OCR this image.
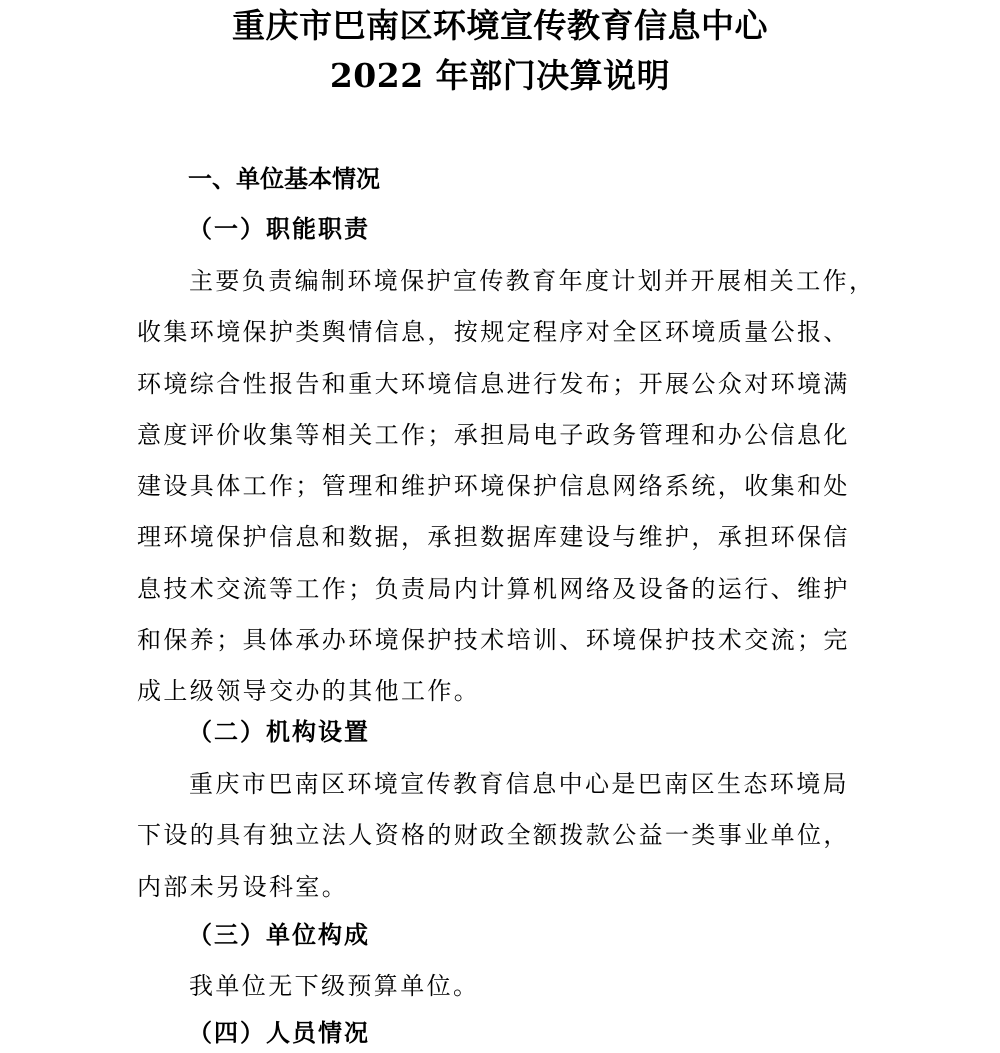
重庆市巴南区环境宣传教育信息中心
2022 年部门决算说明
一、单位基本情况
（一）职能职责
主要负责编制环境保护宣传教育年度计划并开展相关工作，
收集环境保护类舆情信息，按规定程序对全区环境质量公报、
环境综合性报告和重大环境信息进行发布；开展公众对环境满
意度评价收集等相关工作；承担局电子政务管理和办公信息化
建设具体工作；管理和维护环境保护信息网络系统，收集和处
理环境保护信息和数据，承担数据库建设与维护，承担环保信
息技术交流等工作；负责局内计算机网络及设备的运行、维护
和保养；具体承办环境保护技术培训、环境保护技术交流；完
成上级领导交办的其他工作。
（二）机构设置
重庆市巴南区环境宣传教育信息中心是巴南区生态环境局
下设的具有独立法人资格的财政全额拨款公益一类事业单位，
内部未另设科室。
（三）单位构成
我单位无下级预算单位。
（四）人员情况
